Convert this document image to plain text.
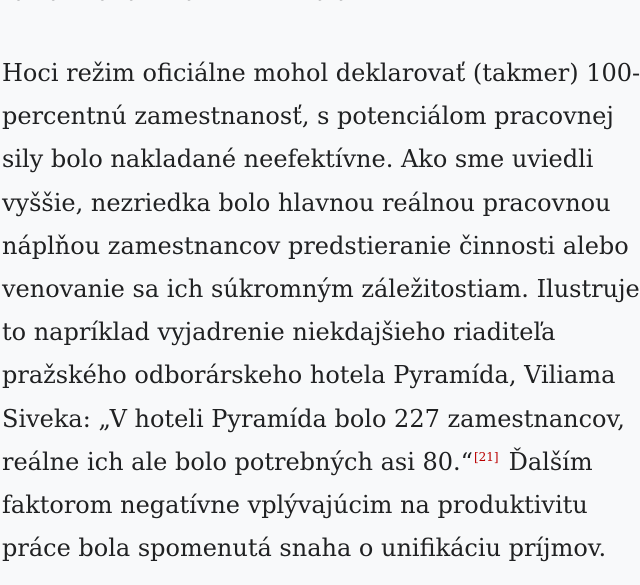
Hoci režim oficiálne mohol deklarovať (takmer) 100-
percentnú zamestnanosť, s potenciálom pracovnej
sily bolo nakladané neefektívne. Ako sme uviedli
vyššie, nezriedka bolo hlavnou reálnou pracovnou
náplňou zamestnancov predstieranie činnosti alebo
venovanie sa ich súkromným záležitostiam. Ilustruje
to napríklad vyjadrenie niekdajšieho riaditeľa
pražského odborárskeho hotela Pyramída, Viliama
Siveka: „V hoteli Pyramída bolo 227 zamestnancov,
reálne ich ale bolo potrebných asi 80.“[21] Ďalším
faktorom negatívne vplývajúcim na produktivitu
práce bola spomenutá snaha o unifikáciu príjmov.
